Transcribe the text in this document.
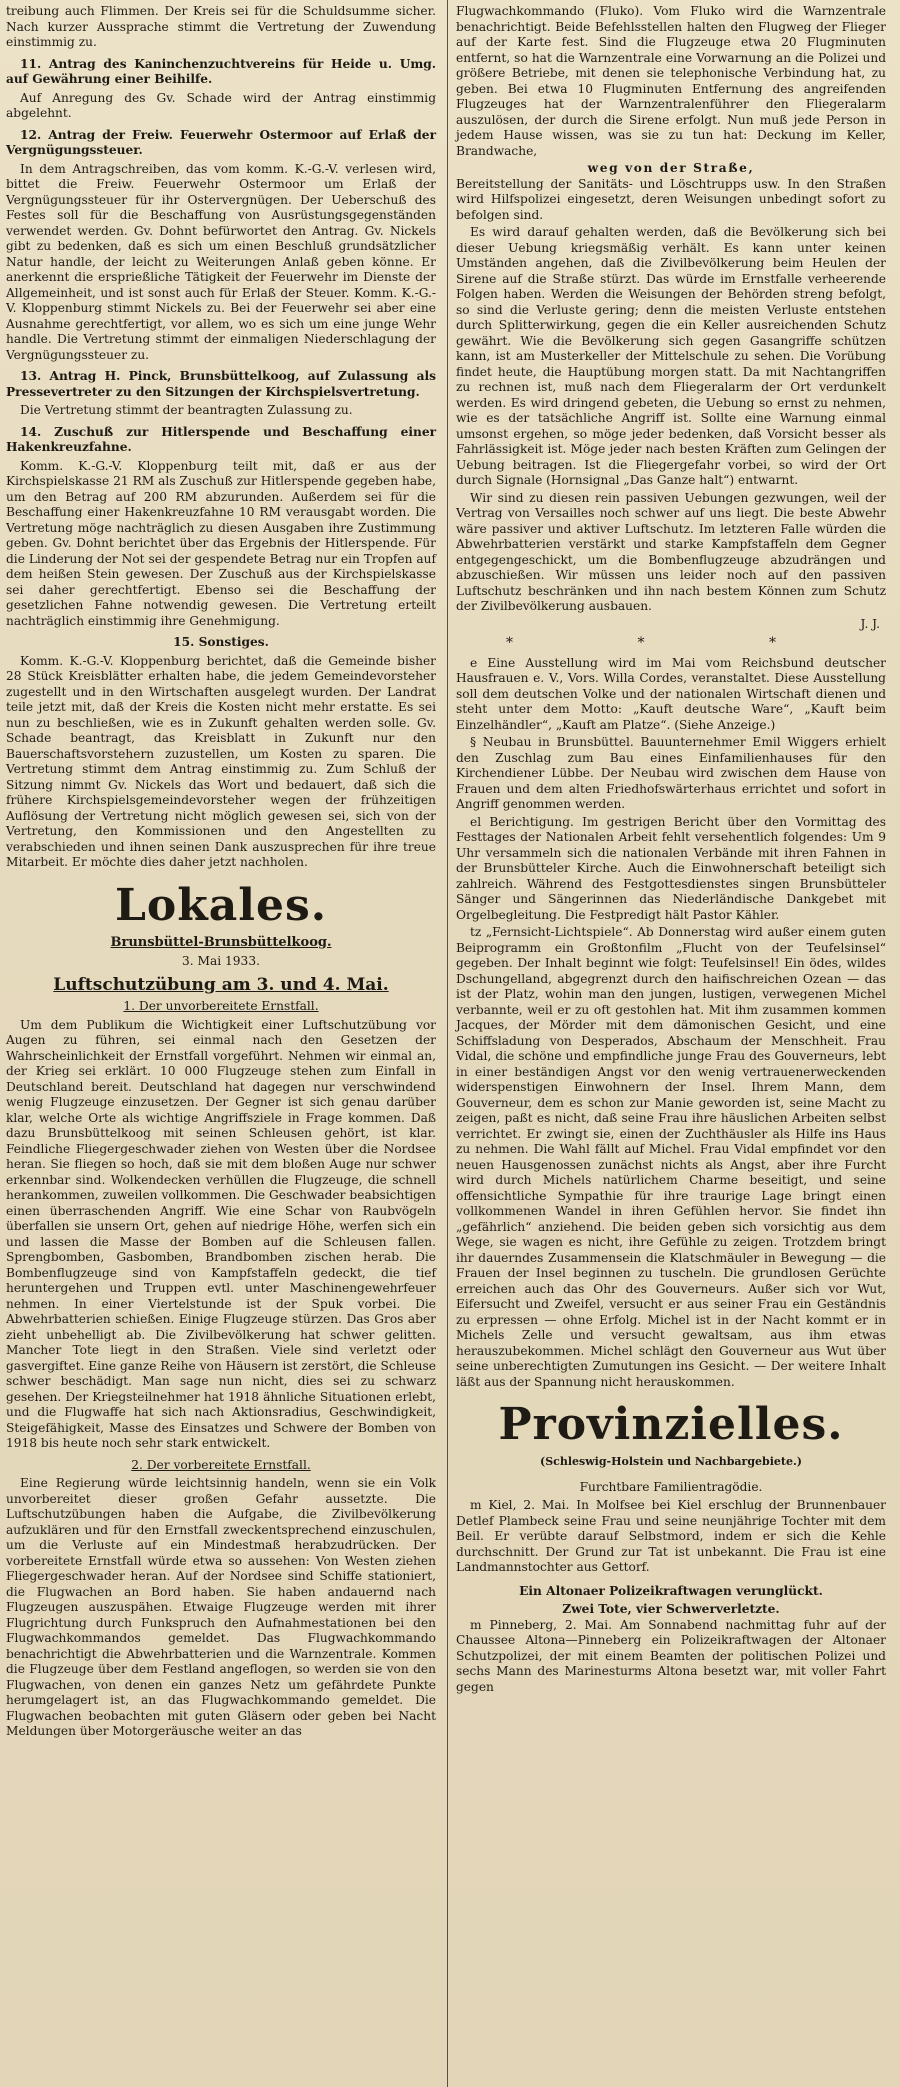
treibung auch Flimmen. Der Kreis sei für die Schuldsumme sicher. Nach kurzer Aussprache stimmt die Vertretung der Zuwendung einstimmig zu.

11. Antrag des Kaninchenzuchtvereins für Heide u. Umg. auf Gewährung einer Beihilfe.

Auf Anregung des Gv. Schade wird der Antrag einstimmig abgelehnt.

12. Antrag der Freiw. Feuerwehr Ostermoor auf Erlaß der Vergnügungssteuer.

In dem Antragschreiben, das vom komm. K.-G.-V. verlesen wird, bittet die Freiw. Feuerwehr Ostermoor um Erlaß der Vergnügungssteuer für ihr Ostervergnügen. Der Ueberschuß des Festes soll für die Beschaffung von Ausrüstungsgegenständen verwendet werden. Gv. Dohnt befürwortet den Antrag. Gv. Nickels gibt zu bedenken, daß es sich um einen Beschluß grundsätzlicher Natur handle, der leicht zu Weiterungen Anlaß geben könne. Er anerkennt die ersprießliche Tätigkeit der Feuerwehr im Dienste der Allgemeinheit, und ist sonst auch für Erlaß der Steuer. Komm. K.-G.-V. Kloppenburg stimmt Nickels zu. Bei der Feuerwehr sei aber eine Ausnahme gerechtfertigt, vor allem, wo es sich um eine junge Wehr handle. Die Vertretung stimmt der einmaligen Niederschlagung der Vergnügungssteuer zu.

13. Antrag H. Pinck, Brunsbüttelkoog, auf Zulassung als Pressevertreter zu den Sitzungen der Kirchspielsvertretung.

Die Vertretung stimmt der beantragten Zulassung zu.

14. Zuschuß zur Hitlerspende und Beschaffung einer Hakenkreuzfahne.

Komm. K.-G.-V. Kloppenburg teilt mit, daß er aus der Kirchspielskasse 21 RM als Zuschuß zur Hitlerspende gegeben habe, um den Betrag auf 200 RM abzurunden. Außerdem sei für die Beschaffung einer Hakenkreuzfahne 10 RM verausgabt worden. Die Vertretung möge nachträglich zu diesen Ausgaben ihre Zustimmung geben. Gv. Dohnt berichtet über das Ergebnis der Hitlerspende. Für die Linderung der Not sei der gespendete Betrag nur ein Tropfen auf dem heißen Stein gewesen. Der Zuschuß aus der Kirchspielskasse sei daher gerechtfertigt. Ebenso sei die Beschaffung der gesetzlichen Fahne notwendig gewesen. Die Vertretung erteilt nachträglich einstimmig ihre Genehmigung.

15. Sonstiges.

Komm. K.-G.-V. Kloppenburg berichtet, daß die Gemeinde bisher 28 Stück Kreisblätter erhalten habe, die jedem Gemeindevorsteher zugestellt und in den Wirtschaften ausgelegt wurden. Der Landrat teile jetzt mit, daß der Kreis die Kosten nicht mehr erstatte. Es sei nun zu beschließen, wie es in Zukunft gehalten werden solle. Gv. Schade beantragt, das Kreisblatt in Zukunft nur den Bauerschaftsvorstehern zuzustellen, um Kosten zu sparen. Die Vertretung stimmt dem Antrag einstimmig zu. Zum Schluß der Sitzung nimmt Gv. Nickels das Wort und bedauert, daß sich die frühere Kirchspielsgemeindevorsteher wegen der frühzeitigen Auflösung der Vertretung nicht möglich gewesen sei, sich von der Vertretung, den Kommissionen und den Angestellten zu verabschieden und ihnen seinen Dank auszusprechen für ihre treue Mitarbeit. Er möchte dies daher jetzt nachholen.

Lokales.
Brunsbüttel-Brunsbüttelkoog.
3. Mai 1933.
Luftschutzübung am 3. und 4. Mai.
1. Der unvorbereitete Ernstfall.

Um dem Publikum die Wichtigkeit einer Luftschutzübung vor Augen zu führen, sei einmal nach den Gesetzen der Wahrscheinlichkeit der Ernstfall vorgeführt. Nehmen wir einmal an, der Krieg sei erklärt. 10 000 Flugzeuge stehen zum Einfall in Deutschland bereit. Deutschland hat dagegen nur verschwindend wenig Flugzeuge einzusetzen. Der Gegner ist sich genau darüber klar, welche Orte als wichtige Angriffsziele in Frage kommen. Daß dazu Brunsbüttelkoog mit seinen Schleusen gehört, ist klar. Feindliche Fliegergeschwader ziehen von Westen über die Nordsee heran. Sie fliegen so hoch, daß sie mit dem bloßen Auge nur schwer erkennbar sind. Wolkendecken verhüllen die Flugzeuge, die schnell herankommen, zuweilen vollkommen. Die Geschwader beabsichtigen einen überraschenden Angriff. Wie eine Schar von Raubvögeln überfallen sie unsern Ort, gehen auf niedrige Höhe, werfen sich ein und lassen die Masse der Bomben auf die Schleusen fallen. Sprengbomben, Gasbomben, Brandbomben zischen herab. Die Bombenflugzeuge sind von Kampfstaffeln gedeckt, die tief heruntergehen und Truppen evtl. unter Maschinengewehrfeuer nehmen. In einer Viertelstunde ist der Spuk vorbei. Die Abwehrbatterien schießen. Einige Flugzeuge stürzen. Das Gros aber zieht unbehelligt ab. Die Zivilbevölkerung hat schwer gelitten. Mancher Tote liegt in den Straßen. Viele sind verletzt oder gasvergiftet. Eine ganze Reihe von Häusern ist zerstört, die Schleuse schwer beschädigt. Man sage nun nicht, dies sei zu schwarz gesehen. Der Kriegsteilnehmer hat 1918 ähnliche Situationen erlebt, und die Flugwaffe hat sich nach Aktionsradius, Geschwindigkeit, Steigefähigkeit, Masse des Einsatzes und Schwere der Bomben von 1918 bis heute noch sehr stark entwickelt.

2. Der vorbereitete Ernstfall.

Eine Regierung würde leichtsinnig handeln, wenn sie ein Volk unvorbereitet dieser großen Gefahr aussetzte. Die Luftschutzübungen haben die Aufgabe, die Zivilbevölkerung aufzuklären und für den Ernstfall zweckentsprechend einzuschulen, um die Verluste auf ein Mindestmaß herabzudrücken. Der vorbereitete Ernstfall würde etwa so aussehen: Von Westen ziehen Fliegergeschwader heran. Auf der Nordsee sind Schiffe stationiert, die Flugwachen an Bord haben. Sie haben andauernd nach Flugzeugen auszuspähen. Etwaige Flugzeuge werden mit ihrer Flugrichtung durch Funkspruch den Aufnahmestationen bei den Flugwachkommandos gemeldet. Das Flugwachkommando benachrichtigt die Abwehrbatterien und die Warnzentrale. Kommen die Flugzeuge über dem Festland angeflogen, so werden sie von den Flugwachen, von denen ein ganzes Netz um gefährdete Punkte herumgelagert ist, an das Flugwachkommando gemeldet. Die Flugwachen beobachten mit guten Gläsern oder geben bei Nacht Meldungen über Motorgeräusche weiter an das

Flugwachkommando (Fluko). Vom Fluko wird die Warnzentrale benachrichtigt. Beide Befehlsstellen halten den Flugweg der Flieger auf der Karte fest. Sind die Flugzeuge etwa 20 Flugminuten entfernt, so hat die Warnzentrale eine Vorwarnung an die Polizei und größere Betriebe, mit denen sie telephonische Verbindung hat, zu geben. Bei etwa 10 Flugminuten Entfernung des angreifenden Flugzeuges hat der Warnzentralenführer den Fliegeralarm auszulösen, der durch die Sirene erfolgt. Nun muß jede Person in jedem Hause wissen, was sie zu tun hat: Deckung im Keller, Brandwache,

weg von der Straße,

Bereitstellung der Sanitäts- und Löschtrupps usw. In den Straßen wird Hilfspolizei eingesetzt, deren Weisungen unbedingt sofort zu befolgen sind.

Es wird darauf gehalten werden, daß die Bevölkerung sich bei dieser Uebung kriegsmäßig verhält. Es kann unter keinen Umständen angehen, daß die Zivilbevölkerung beim Heulen der Sirene auf die Straße stürzt. Das würde im Ernstfalle verheerende Folgen haben. Werden die Weisungen der Behörden streng befolgt, so sind die Verluste gering; denn die meisten Verluste entstehen durch Splitterwirkung, gegen die ein Keller ausreichenden Schutz gewährt. Wie die Bevölkerung sich gegen Gasangriffe schützen kann, ist am Musterkeller der Mittelschule zu sehen. Die Vorübung findet heute, die Hauptübung morgen statt. Da mit Nachtangriffen zu rechnen ist, muß nach dem Fliegeralarm der Ort verdunkelt werden. Es wird dringend gebeten, die Uebung so ernst zu nehmen, wie es der tatsächliche Angriff ist. Sollte eine Warnung einmal umsonst ergehen, so möge jeder bedenken, daß Vorsicht besser als Fahrlässigkeit ist. Möge jeder nach besten Kräften zum Gelingen der Uebung beitragen. Ist die Fliegergefahr vorbei, so wird der Ort durch Signale (Hornsignal „Das Ganze halt“) entwarnt.

Wir sind zu diesen rein passiven Uebungen gezwungen, weil der Vertrag von Versailles noch schwer auf uns liegt. Die beste Abwehr wäre passiver und aktiver Luftschutz. Im letzteren Falle würden die Abwehrbatterien verstärkt und starke Kampfstaffeln dem Gegner entgegengeschickt, um die Bombenflugzeuge abzudrängen und abzuschießen. Wir müssen uns leider noch auf den passiven Luftschutz beschränken und ihn nach bestem Können zum Schutz der Zivilbevölkerung ausbauen.

J. J.
* * *

e Eine Ausstellung wird im Mai vom Reichsbund deutscher Hausfrauen e. V., Vors. Willa Cordes, veranstaltet. Diese Ausstellung soll dem deutschen Volke und der nationalen Wirtschaft dienen und steht unter dem Motto: „Kauft deutsche Ware“, „Kauft beim Einzelhändler“, „Kauft am Platze“. (Siehe Anzeige.)

§ Neubau in Brunsbüttel. Bauunternehmer Emil Wiggers erhielt den Zuschlag zum Bau eines Einfamilienhauses für den Kirchendiener Lübbe. Der Neubau wird zwischen dem Hause von Frauen und dem alten Friedhofswärterhaus errichtet und sofort in Angriff genommen werden.

el Berichtigung. Im gestrigen Bericht über den Vormittag des Festtages der Nationalen Arbeit fehlt versehentlich folgendes: Um 9 Uhr versammeln sich die nationalen Verbände mit ihren Fahnen in der Brunsbütteler Kirche. Auch die Einwohnerschaft beteiligt sich zahlreich. Während des Festgottesdienstes singen Brunsbütteler Sänger und Sängerinnen das Niederländische Dankgebet mit Orgelbegleitung. Die Festpredigt hält Pastor Kähler.

tz „Fernsicht-Lichtspiele“. Ab Donnerstag wird außer einem guten Beiprogramm ein Großtonfilm „Flucht von der Teufelsinsel“ gegeben. Der Inhalt beginnt wie folgt: Teufelsinsel! Ein ödes, wildes Dschungelland, abgegrenzt durch den haifischreichen Ozean — das ist der Platz, wohin man den jungen, lustigen, verwegenen Michel verbannte, weil er zu oft gestohlen hat. Mit ihm zusammen kommen Jacques, der Mörder mit dem dämonischen Gesicht, und eine Schiffsladung von Desperados, Abschaum der Menschheit. Frau Vidal, die schöne und empfindliche junge Frau des Gouverneurs, lebt in einer beständigen Angst vor den wenig vertrauenerweckenden widerspenstigen Einwohnern der Insel. Ihrem Mann, dem Gouverneur, dem es schon zur Manie geworden ist, seine Macht zu zeigen, paßt es nicht, daß seine Frau ihre häuslichen Arbeiten selbst verrichtet. Er zwingt sie, einen der Zuchthäusler als Hilfe ins Haus zu nehmen. Die Wahl fällt auf Michel. Frau Vidal empfindet vor den neuen Hausgenossen zunächst nichts als Angst, aber ihre Furcht wird durch Michels natürlichem Charme beseitigt, und seine offensichtliche Sympathie für ihre traurige Lage bringt einen vollkommenen Wandel in ihren Gefühlen hervor. Sie findet ihn „gefährlich“ anziehend. Die beiden geben sich vorsichtig aus dem Wege, sie wagen es nicht, ihre Gefühle zu zeigen. Trotzdem bringt ihr dauerndes Zusammensein die Klatschmäuler in Bewegung — die Frauen der Insel beginnen zu tuscheln. Die grundlosen Gerüchte erreichen auch das Ohr des Gouverneurs. Außer sich vor Wut, Eifersucht und Zweifel, versucht er aus seiner Frau ein Geständnis zu erpressen — ohne Erfolg. Michel ist in der Nacht kommt er in Michels Zelle und versucht gewaltsam, aus ihm etwas herauszubekommen. Michel schlägt den Gouverneur aus Wut über seine unberechtigten Zumutungen ins Gesicht. — Der weitere Inhalt läßt aus der Spannung nicht herauskommen.

Provinzielles.
(Schleswig-Holstein und Nachbargebiete.)
Furchtbare Familientragödie.

m Kiel, 2. Mai. In Molfsee bei Kiel erschlug der Brunnenbauer Detlef Plambeck seine Frau und seine neunjährige Tochter mit dem Beil. Er verübte darauf Selbstmord, indem er sich die Kehle durchschnitt. Der Grund zur Tat ist unbekannt. Die Frau ist eine Landmannstochter aus Gettorf.

Ein Altonaer Polizeikraftwagen verunglückt.
Zwei Tote, vier Schwerverletzte.

m Pinneberg, 2. Mai. Am Sonnabend nachmittag fuhr auf der Chaussee Altona—Pinneberg ein Polizeikraftwagen der Altonaer Schutzpolizei, der mit einem Beamten der politischen Polizei und sechs Mann des Marinesturms Altona besetzt war, mit voller Fahrt gegen
